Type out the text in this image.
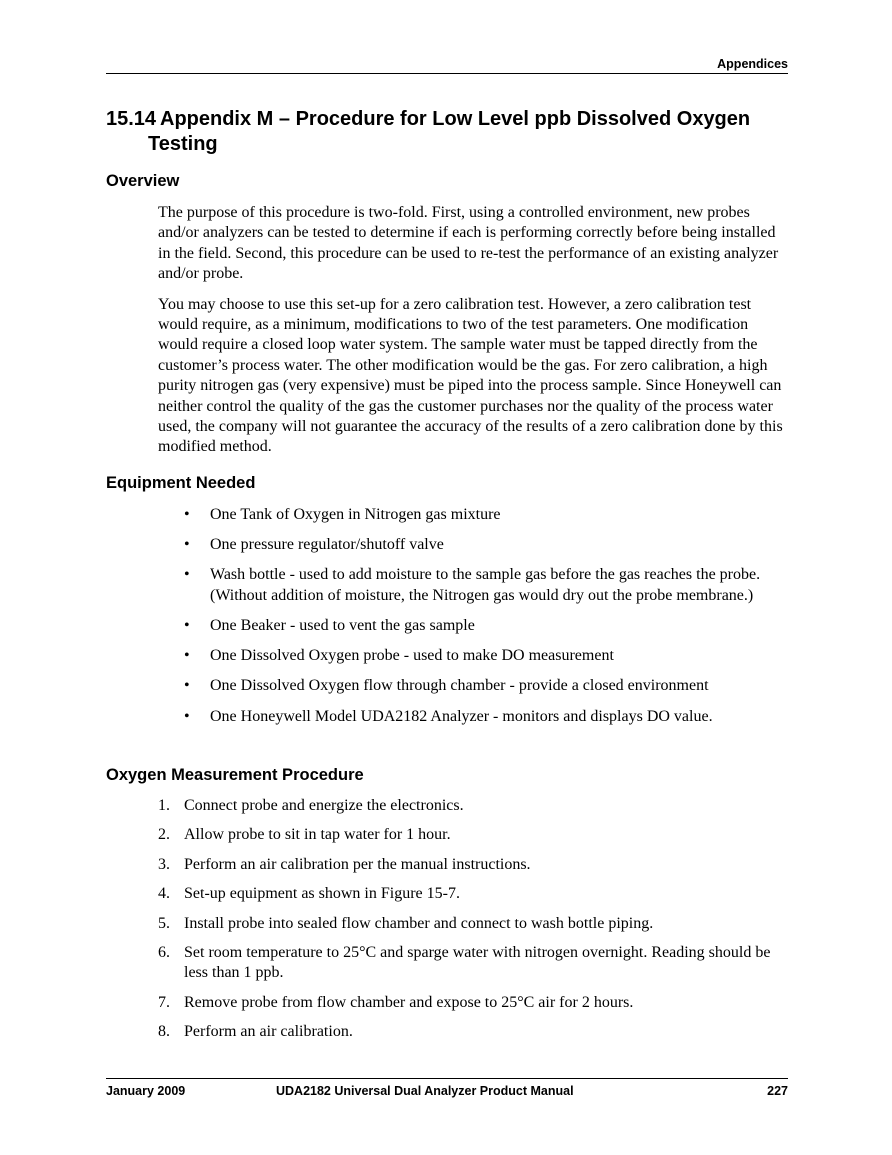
Appendices
15.14 Appendix M – Procedure for Low Level ppb Dissolved Oxygen
Testing
Overview

The purpose of this procedure is two-fold. First, using a controlled environment, new probes and/or analyzers can be tested to determine if each is performing correctly before being installed in the field. Second, this procedure can be used to re-test the performance of an existing analyzer and/or probe.

You may choose to use this set-up for a zero calibration test. However, a zero calibration test would require, as a minimum, modifications to two of the test parameters. One modification would require a closed loop water system. The sample water must be tapped directly from the customer’s process water. The other modification would be the gas. For zero calibration, a high purity nitrogen gas (very expensive) must be piped into the process sample. Since Honeywell can neither control the quality of the gas the customer purchases nor the quality of the process water used, the company will not guarantee the accuracy of the results of a zero calibration done by this modified method.

Equipment Needed
• One Tank of Oxygen in Nitrogen gas mixture
• One pressure regulator/shutoff valve
• Wash bottle - used to add moisture to the sample gas before the gas reaches the probe. (Without addition of moisture, the Nitrogen gas would dry out the probe membrane.)
• One Beaker - used to vent the gas sample
• One Dissolved Oxygen probe - used to make DO measurement
• One Dissolved Oxygen flow through chamber - provide a closed environment
• One Honeywell Model UDA2182 Analyzer - monitors and displays DO value.
Oxygen Measurement Procedure
1. Connect probe and energize the electronics.
2. Allow probe to sit in tap water for 1 hour.
3. Perform an air calibration per the manual instructions.
4. Set-up equipment as shown in Figure 15-7.
5. Install probe into sealed flow chamber and connect to wash bottle piping.
6. Set room temperature to 25°C and sparge water with nitrogen overnight. Reading should be less than 1 ppb.
7. Remove probe from flow chamber and expose to 25°C air for 2 hours.
8. Perform an air calibration.
January 2009	UDA2182 Universal Dual Analyzer Product Manual	227
